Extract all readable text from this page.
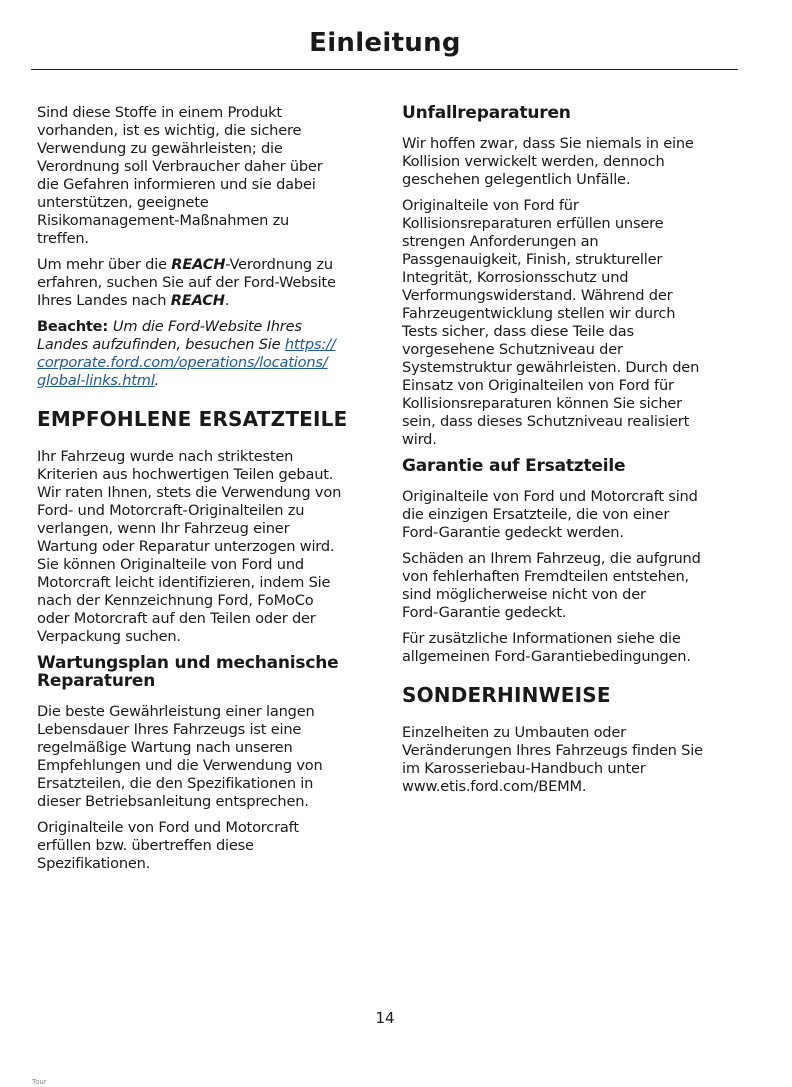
Einleitung
Sind diese Stoffe in einem Produkt
vorhanden, ist es wichtig, die sichere
Verwendung zu gewährleisten; die
Verordnung soll Verbraucher daher über
die Gefahren informieren und sie dabei
unterstützen, geeignete
Risikomanagement-Maßnahmen zu
treffen.
Um mehr über die REACH-Verordnung zu
erfahren, suchen Sie auf der Ford-Website
Ihres Landes nach REACH.
Beachte: Um die Ford-Website Ihres
Landes aufzufinden, besuchen Sie https://
corporate.ford.com/operations/locations/
global-links.html.
EMPFOHLENE ERSATZTEILE
Ihr Fahrzeug wurde nach striktesten
Kriterien aus hochwertigen Teilen gebaut.
Wir raten Ihnen, stets die Verwendung von
Ford- und Motorcraft-Originalteilen zu
verlangen, wenn Ihr Fahrzeug einer
Wartung oder Reparatur unterzogen wird.
Sie können Originalteile von Ford und
Motorcraft leicht identifizieren, indem Sie
nach der Kennzeichnung Ford, FoMoCo
oder Motorcraft auf den Teilen oder der
Verpackung suchen.
Wartungsplan und mechanische
Reparaturen
Die beste Gewährleistung einer langen
Lebensdauer Ihres Fahrzeugs ist eine
regelmäßige Wartung nach unseren
Empfehlungen und die Verwendung von
Ersatzteilen, die den Spezifikationen in
dieser Betriebsanleitung entsprechen.
Originalteile von Ford und Motorcraft
erfüllen bzw. übertreffen diese
Spezifikationen.
Unfallreparaturen
Wir hoffen zwar, dass Sie niemals in eine
Kollision verwickelt werden, dennoch
geschehen gelegentlich Unfälle.
Originalteile von Ford für
Kollisionsreparaturen erfüllen unsere
strengen Anforderungen an
Passgenauigkeit, Finish, struktureller
Integrität, Korrosionsschutz und
Verformungswiderstand. Während der
Fahrzeugentwicklung stellen wir durch
Tests sicher, dass diese Teile das
vorgesehene Schutzniveau der
Systemstruktur gewährleisten. Durch den
Einsatz von Originalteilen von Ford für
Kollisionsreparaturen können Sie sicher
sein, dass dieses Schutzniveau realisiert
wird.
Garantie auf Ersatzteile
Originalteile von Ford und Motorcraft sind
die einzigen Ersatzteile, die von einer
Ford-Garantie gedeckt werden.
Schäden an Ihrem Fahrzeug, die aufgrund
von fehlerhaften Fremdteilen entstehen,
sind möglicherweise nicht von der
Ford-Garantie gedeckt.
Für zusätzliche Informationen siehe die
allgemeinen Ford-Garantiebedingungen.
SONDERHINWEISE
Einzelheiten zu Umbauten oder
Veränderungen Ihres Fahrzeugs finden Sie
im Karosseriebau-Handbuch unter
www.etis.ford.com/BEMM.
14
Tour
